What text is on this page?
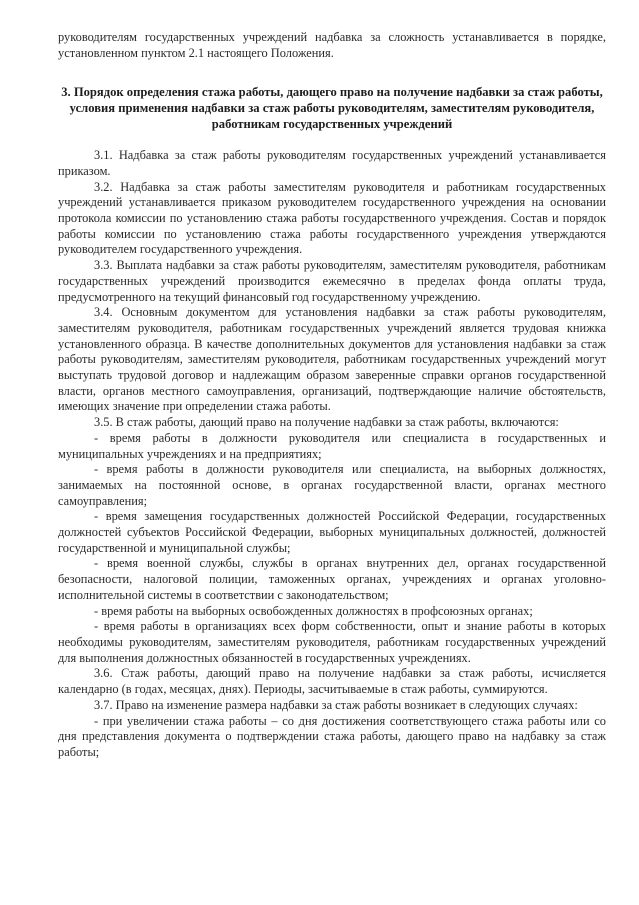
руководителям государственных учреждений надбавка за сложность устанавливается в порядке, установленном пунктом 2.1 настоящего Положения.

3. Порядок определения стажа работы, дающего право на получение надбавки за стаж работы, условия применения надбавки за стаж работы руководителям, заместителям руководителя, работникам государственных учреждений

3.1. Надбавка за стаж работы руководителям государственных учреждений устанавливается приказом.

3.2. Надбавка за стаж работы заместителям руководителя и работникам государственных учреждений устанавливается приказом руководителем государственного учреждения на основании протокола комиссии по установлению стажа работы государственного учреждения. Состав и порядок работы комиссии по установлению стажа работы государственного учреждения утверждаются руководителем государственного учреждения.

3.3. Выплата надбавки за стаж работы руководителям, заместителям руководителя, работникам государственных учреждений производится ежемесячно в пределах фонда оплаты труда, предусмотренного на текущий финансовый год государственному учреждению.

3.4. Основным документом для установления надбавки за стаж работы руководителям, заместителям руководителя, работникам государственных учреждений является трудовая книжка установленного образца. В качестве дополнительных документов для установления надбавки за стаж работы руководителям, заместителям руководителя, работникам государственных учреждений могут выступать трудовой договор и надлежащим образом заверенные справки органов государственной власти, органов местного самоуправления, организаций, подтверждающие наличие обстоятельств, имеющих значение при определении стажа работы.

3.5. В стаж работы, дающий право на получение надбавки за стаж работы, включаются:

- время работы в должности руководителя или специалиста в государственных и муниципальных учреждениях и на предприятиях;

- время работы в должности руководителя или специалиста, на выборных должностях, занимаемых на постоянной основе, в органах государственной власти, органах местного самоуправления;

- время замещения государственных должностей Российской Федерации, государственных должностей субъектов Российской Федерации, выборных муниципальных должностей, должностей государственной и муниципальной службы;

- время военной службы, службы в органах внутренних дел, органах государственной безопасности, налоговой полиции, таможенных органах, учреждениях и органах уголовно-исполнительной системы в соответствии с законодательством;

- время работы на выборных освобожденных должностях в профсоюзных органах;

- время работы в организациях всех форм собственности, опыт и знание работы в которых необходимы руководителям, заместителям руководителя, работникам государственных учреждений для выполнения должностных обязанностей в государственных учреждениях.

3.6. Стаж работы, дающий право на получение надбавки за стаж работы, исчисляется календарно (в годах, месяцах, днях). Периоды, засчитываемые в стаж работы, суммируются.

3.7. Право на изменение размера надбавки за стаж работы возникает в следующих случаях:

- при увеличении стажа работы – со дня достижения соответствующего стажа работы или со дня представления документа о подтверждении стажа работы, дающего право на надбавку за стаж работы;
